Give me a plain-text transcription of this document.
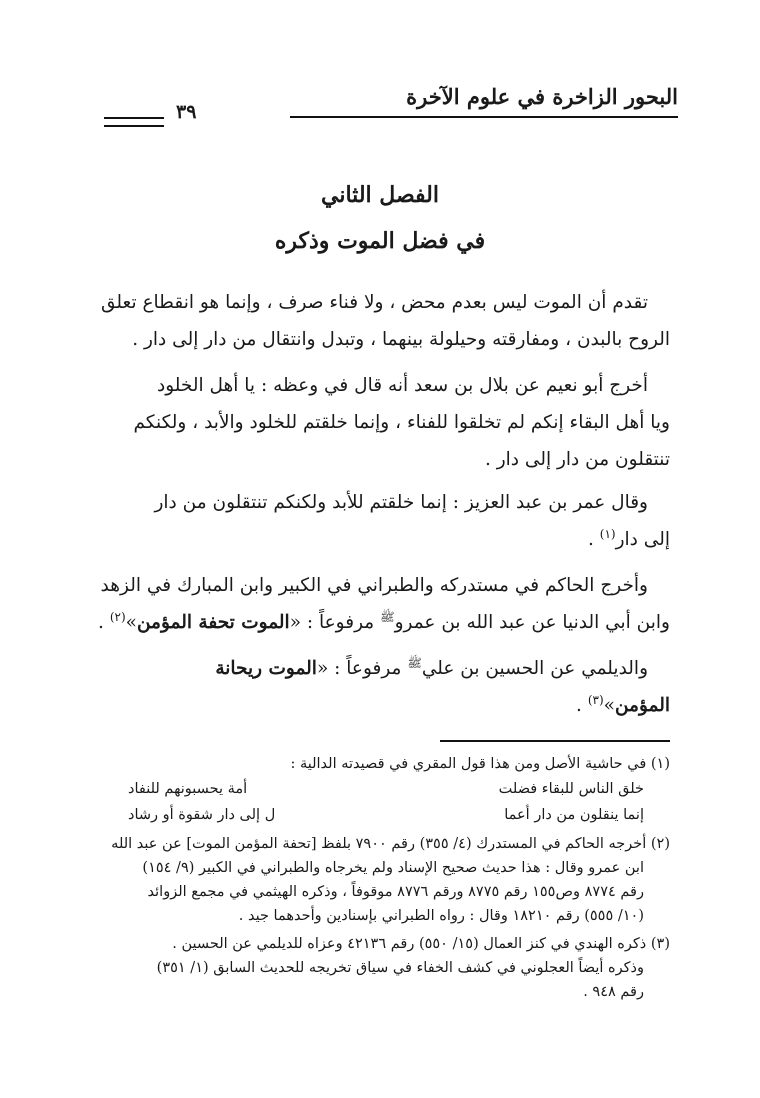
البحور الزاخرة في علوم الآخرة
٣٩
الفصل الثاني
في فضل الموت وذكره
تقدم أن الموت ليس بعدم محض ، ولا فناء صرف ، وإنما هو انقطاع تعلق
الروح بالبدن ، ومفارقته وحيلولة بينهما ، وتبدل وانتقال من دار إلى دار .
أخرج أبو نعيم عن بلال بن سعد أنه قال في وعظه : يا أهل الخلود
ويا أهل البقاء إنكم لم تخلقوا للفناء ، وإنما خلقتم للخلود والأبد ، ولكنكم
تنتقلون من دار إلى دار .
وقال عمر بن عبد العزيز : إنما خلقتم للأبد ولكنكم تنتقلون من دار
إلى دار$^{(١)}$ .
وأخرج الحاكم في مستدركه والطبراني في الكبير وابن المبارك في الزهد
وابن أبي الدنيا عن عبد الله بن عمرو$^ﷺ$ مرفوعاً : «الموت تحفة المؤمن»$^{(٢)}$ .
والديلمي عن الحسين بن علي$^ﷺ$ مرفوعاً : «الموت ريحانة
المؤمن»$^{(٣)}$ .
(١) في حاشية الأصل ومن هذا قول المقري في قصيدته الدالية :
خلق الناس للبقاء فضلت
أمة يحسبونهم للنفاد
إنما ينقلون من دار أعما
ل إلى دار شقوة أو رشاد
(٢) أخرجه الحاكم في المستدرك (٤/ ٣٥٥) رقم ٧٩٠٠ بلفظ [تحفة المؤمن الموت] عن عبد الله
ابن عمرو وقال : هذا حديث صحيح الإسناد ولم يخرجاه والطبراني في الكبير (٩/ ١٥٤)
رقم ٨٧٧٤ وص١٥٥ رقم ٨٧٧٥ ورقم ٨٧٧٦ موقوفاً ، وذكره الهيثمي في مجمع الزوائد
(١٠/ ٥٥٥) رقم ١٨٢١٠ وقال : رواه الطبراني بإسنادين وأحدهما جيد .
(٣) ذكره الهندي في كنز العمال (١٥/ ٥٥٠) رقم ٤٢١٣٦ وعزاه للديلمي عن الحسين .
وذكره أيضاً العجلوني في كشف الخفاء في سياق تخريجه للحديث السابق (١/ ٣٥١)
رقم ٩٤٨ .
